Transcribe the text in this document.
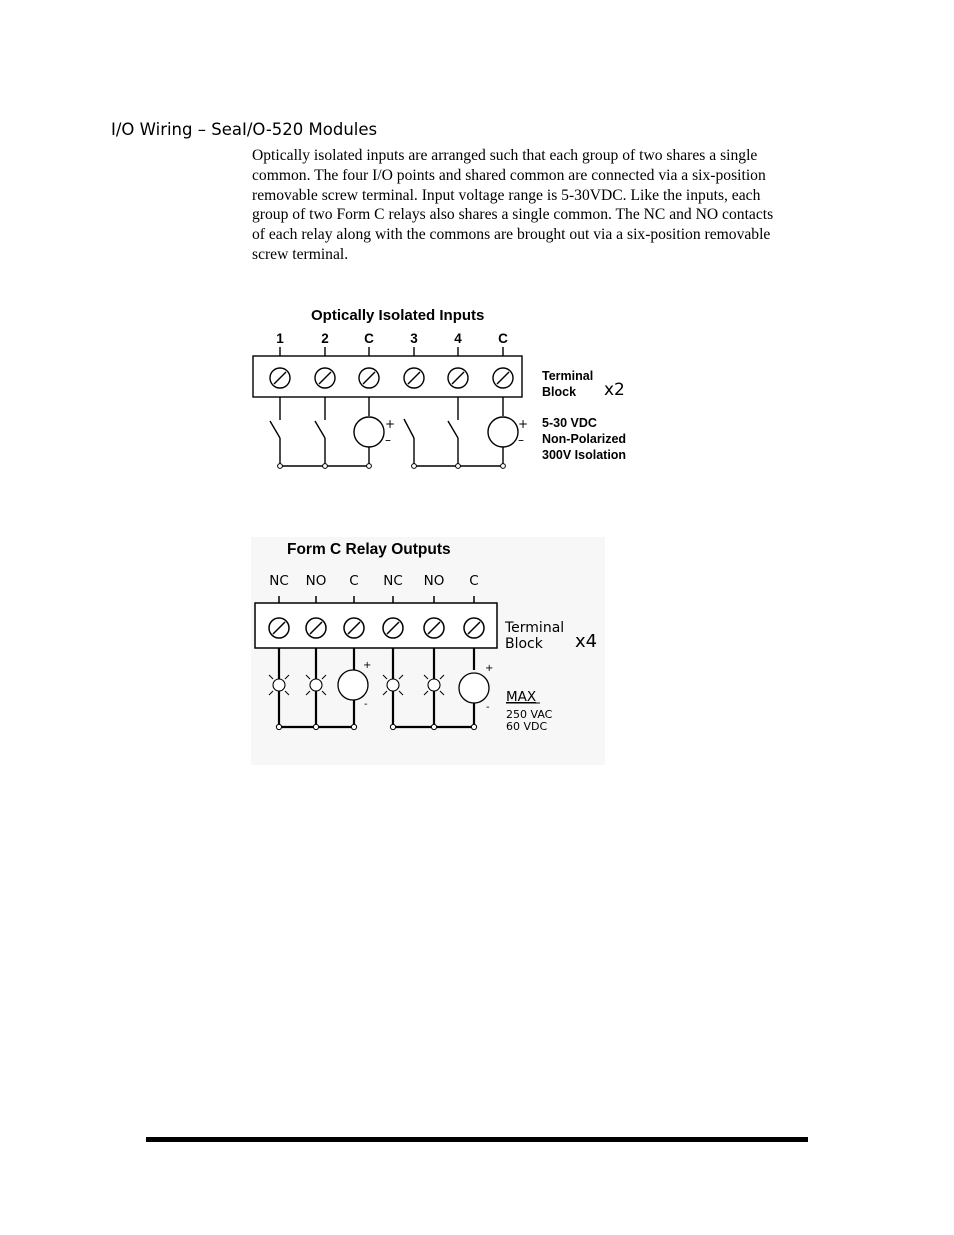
I/O Wiring – SeaI/O-520 Modules
Optically isolated inputs are arranged such that each group of two shares a single
common. The four I/O points and shared common are connected via a six-position
removable screw terminal. Input voltage range is 5-30VDC. Like the inputs, each
group of two Form C relays also shares a single common. The NC and NO contacts
of each relay along with the commons are brought out via a six-position removable
screw terminal.
Optically Isolated Inputs
1	2	C	3	4	C
+
–
+
–
Terminal
Block x2
5-30 VDC
Non-Polarized
300V Isolation
Form C Relay Outputs
NC NO C NC NO C
+
-
+
-
Terminal
Block x4
MAX
250 VAC
60 VDC
